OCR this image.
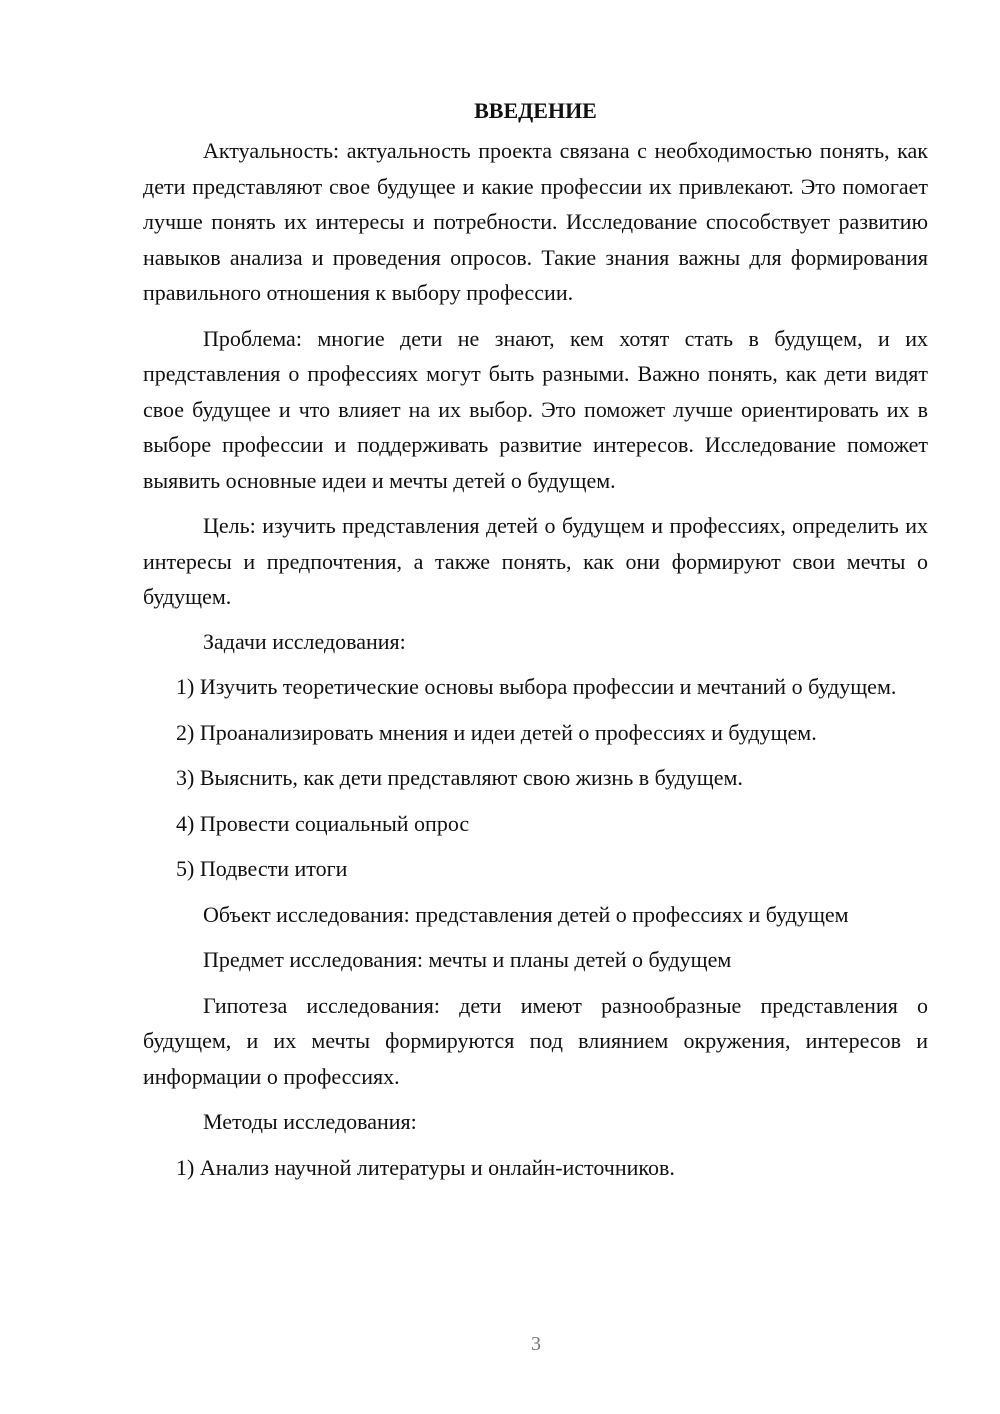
ВВЕДЕНИЕ

Актуальность: актуальность проекта связана с необходимостью понять, как дети представляют свое будущее и какие профессии их привлекают. Это помогает лучше понять их интересы и потребности. Исследование способствует развитию навыков анализа и проведения опросов. Такие знания важны для формирования правильного отношения к выбору профессии.

Проблема: многие дети не знают, кем хотят стать в будущем, и их представления о профессиях могут быть разными. Важно понять, как дети видят свое будущее и что влияет на их выбор. Это поможет лучше ориентировать их в выборе профессии и поддерживать развитие интересов. Исследование поможет выявить основные идеи и мечты детей о будущем.

Цель: изучить представления детей о будущем и профессиях, определить их интересы и предпочтения, а также понять, как они формируют свои мечты о будущем.

Задачи исследования:

1) Изучить теоретические основы выбора профессии и мечтаний о будущем.

2) Проанализировать мнения и идеи детей о профессиях и будущем.

3) Выяснить, как дети представляют свою жизнь в будущем.

4) Провести социальный опрос

5) Подвести итоги

Объект исследования: представления детей о профессиях и будущем

Предмет исследования: мечты и планы детей о будущем

Гипотеза исследования: дети имеют разнообразные представления о будущем, и их мечты формируются под влиянием окружения, интересов и информации о профессиях.

Методы исследования:

1) Анализ научной литературы и онлайн-источников.

3
